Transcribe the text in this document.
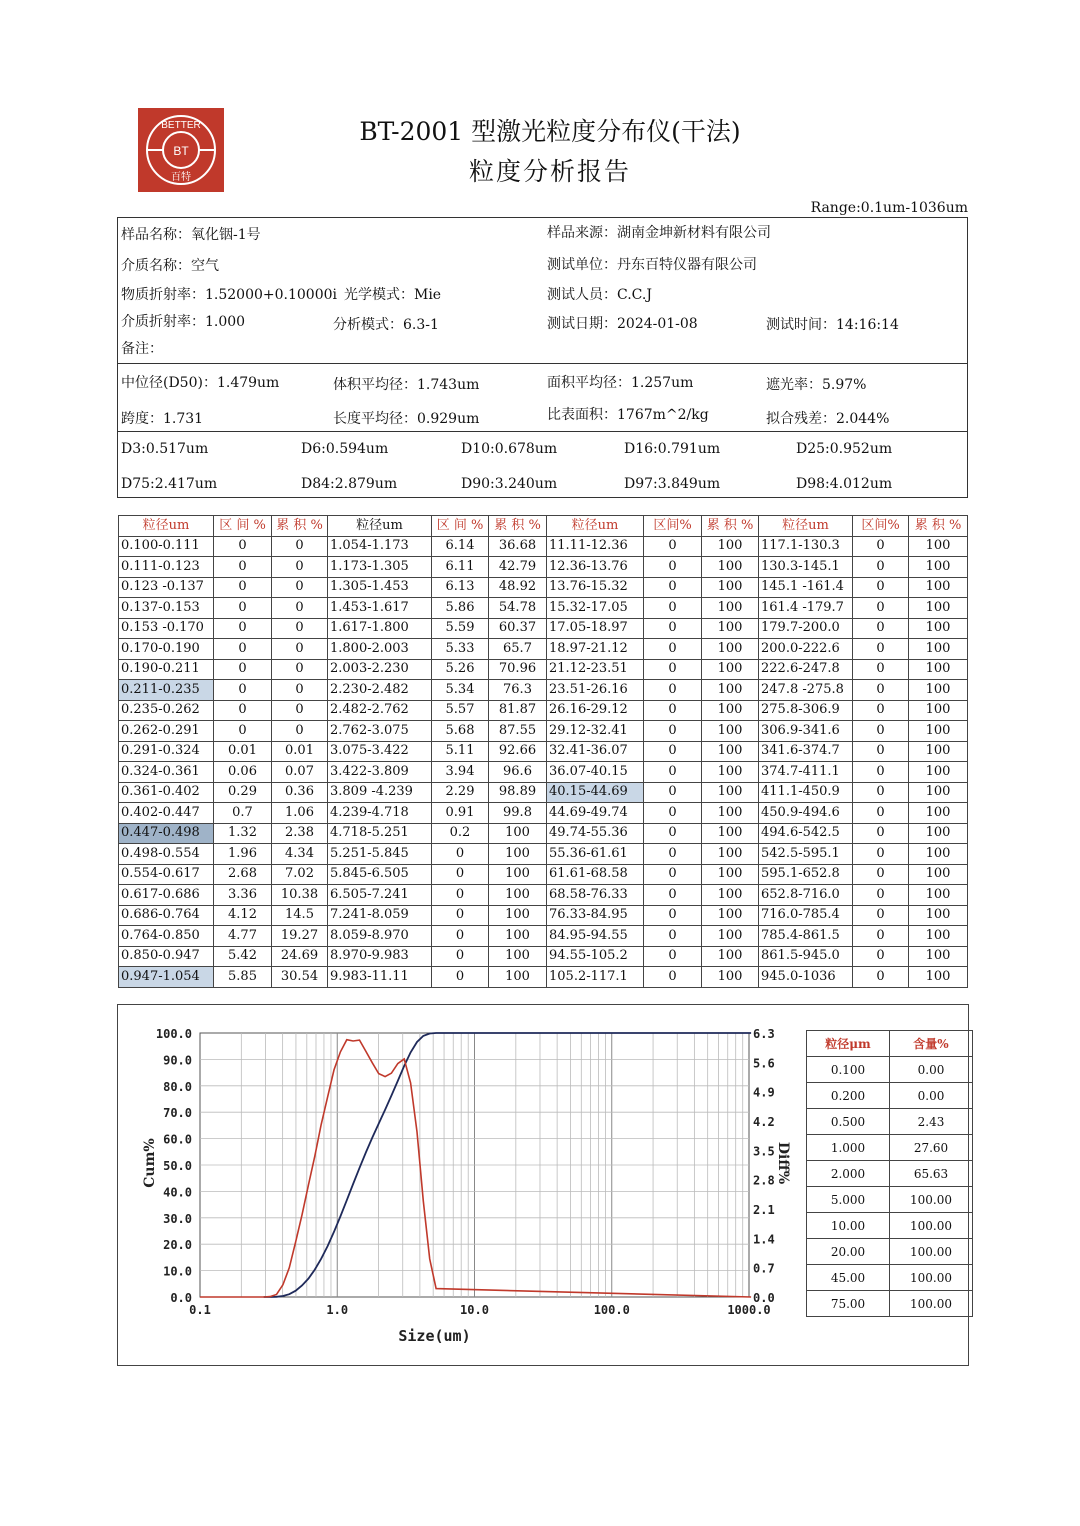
BETTER
BT
百特
BT-2001 型激光粒度分布仪(干法)
粒度分析报告
Range:0.1um-1036um
样品名称：氧化铟-1号	样品来源：湖南金坤新材料有限公司
介质名称：空气	测试单位：丹东百特仪器有限公司
物质折射率：1.52000+0.10000i 光学模式：Mie	测试人员：C.C.J
介质折射率：1.000	分析模式：6.3-1	测试日期：2024-01-08	测试时间：14:16:14
备注：
中位径(D50)：1.479um	体积平均径：1.743um	面积平均径：1.257um	遮光率：5.97%
跨度：1.731	长度平均径：0.929um	比表面积：1767m^2/kg	拟合残差：2.044%
D3:0.517um	D6:0.594um	D10:0.678um	D16:0.791um	D25:0.952um
D75:2.417um	D84:2.879um	D90:3.240um	D97:3.849um	D98:4.012um
粒径um	区 间 %	累 积 %	粒径um	区 间 %	累 积 %	粒径um	区间%	累 积 %	粒径um	区间%	累 积 %
0.100-0.111	0	0	1.054-1.173	6.14	36.68	11.11-12.36	0	100	117.1-130.3	0	100
0.111-0.123	0	0	1.173-1.305	6.11	42.79	12.36-13.76	0	100	130.3-145.1	0	100
0.123 -0.137	0	0	1.305-1.453	6.13	48.92	13.76-15.32	0	100	145.1 -161.4	0	100
0.137-0.153	0	0	1.453-1.617	5.86	54.78	15.32-17.05	0	100	161.4 -179.7	0	100
0.153 -0.170	0	0	1.617-1.800	5.59	60.37	17.05-18.97	0	100	179.7-200.0	0	100
0.170-0.190	0	0	1.800-2.003	5.33	65.7	18.97-21.12	0	100	200.0-222.6	0	100
0.190-0.211	0	0	2.003-2.230	5.26	70.96	21.12-23.51	0	100	222.6-247.8	0	100
0.211-0.235	0	0	2.230-2.482	5.34	76.3	23.51-26.16	0	100	247.8 -275.8	0	100
0.235-0.262	0	0	2.482-2.762	5.57	81.87	26.16-29.12	0	100	275.8-306.9	0	100
0.262-0.291	0	0	2.762-3.075	5.68	87.55	29.12-32.41	0	100	306.9-341.6	0	100
0.291-0.324	0.01	0.01	3.075-3.422	5.11	92.66	32.41-36.07	0	100	341.6-374.7	0	100
0.324-0.361	0.06	0.07	3.422-3.809	3.94	96.6	36.07-40.15	0	100	374.7-411.1	0	100
0.361-0.402	0.29	0.36	3.809 -4.239	2.29	98.89	40.15-44.69	0	100	411.1-450.9	0	100
0.402-0.447	0.7	1.06	4.239-4.718	0.91	99.8	44.69-49.74	0	100	450.9-494.6	0	100
0.447-0.498	1.32	2.38	4.718-5.251	0.2	100	49.74-55.36	0	100	494.6-542.5	0	100
0.498-0.554	1.96	4.34	5.251-5.845	0	100	55.36-61.61	0	100	542.5-595.1	0	100
0.554-0.617	2.68	7.02	5.845-6.505	0	100	61.61-68.58	0	100	595.1-652.8	0	100
0.617-0.686	3.36	10.38	6.505-7.241	0	100	68.58-76.33	0	100	652.8-716.0	0	100
0.686-0.764	4.12	14.5	7.241-8.059	0	100	76.33-84.95	0	100	716.0-785.4	0	100
0.764-0.850	4.77	19.27	8.059-8.970	0	100	84.95-94.55	0	100	785.4-861.5	0	100
0.850-0.947	5.42	24.69	8.970-9.983	0	100	94.55-105.2	0	100	861.5-945.0	0	100
0.947-1.054	5.85	30.54	9.983-11.11	0	100	105.2-117.1	0	100	945.0-1036	0	100
0.0
10.0
20.0
30.0
40.0
50.0
60.0
70.0
80.0
90.0
100.0
0.0
0.7
1.4
2.1
2.8
3.5
4.2
4.9
5.6
6.3
0.1	1.0	10.0	100.0	1000.0
Size(um)
Cum%	Diff%
粒径μm	含量%
0.100	0.00
0.200	0.00
0.500	2.43
1.000	27.60
2.000	65.63
5.000	100.00
10.00	100.00
20.00	100.00
45.00	100.00
75.00	100.00
